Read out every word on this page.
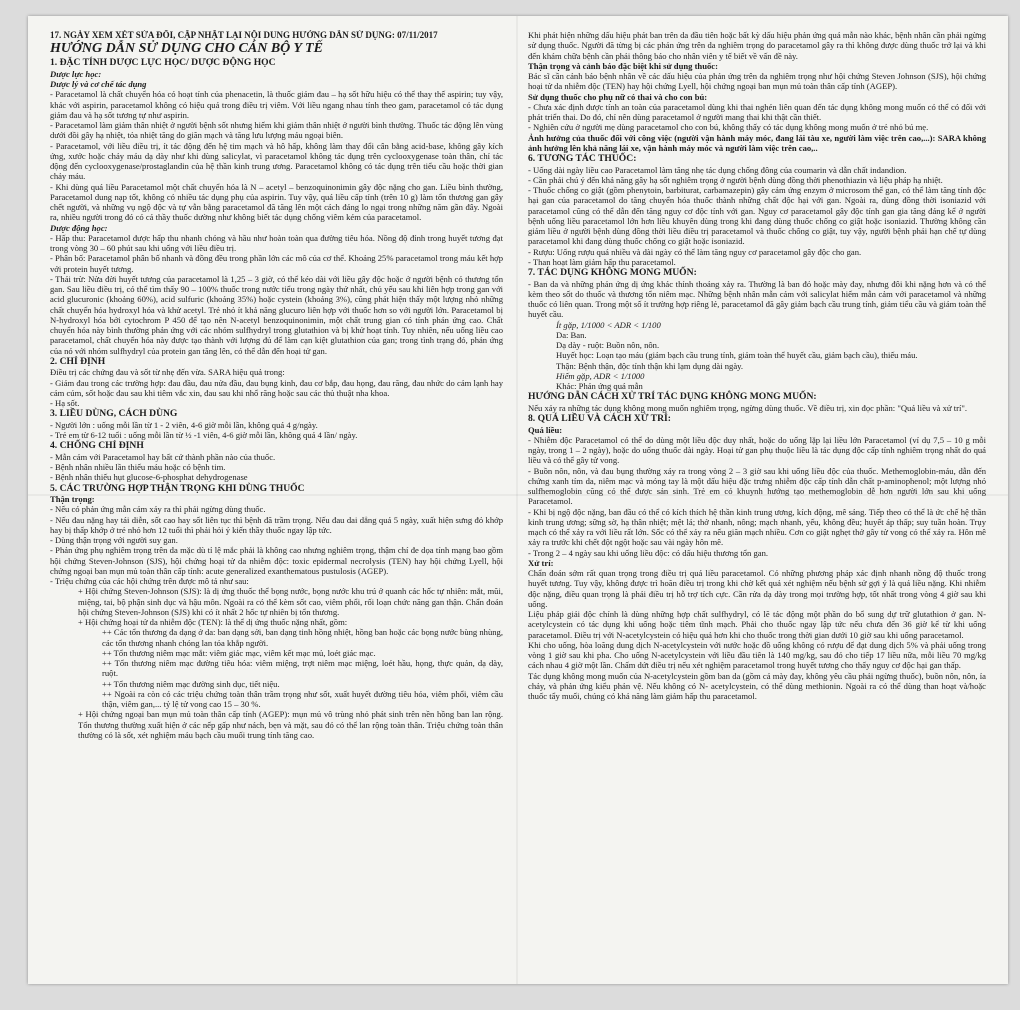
17. NGÀY XEM XÉT SỬA ĐỔI, CẬP NHẬT LẠI NỘI DUNG HƯỚNG DẪN SỬ DỤNG: 07/11/2017

HƯỚNG DẪN SỬ DỤNG CHO CÁN BỘ Y TẾ

1. ĐẶC TÍNH DƯỢC LỰC HỌC/ DƯỢC ĐỘNG HỌC

Dược lực học:

Dược lý và cơ chế tác dụng

- Paracetamol là chất chuyển hóa có hoạt tính của phenacetin, là thuốc giảm đau – hạ sốt hữu hiệu có thể thay thế aspirin; tuy vậy, khác với aspirin, paracetamol không có hiệu quả trong điều trị viêm. Với liều ngang nhau tính theo gam, paracetamol có tác dụng giảm đau và hạ sốt tương tự như aspirin.

- Paracetamol làm giảm thân nhiệt ở người bệnh sốt nhưng hiếm khi giảm thân nhiệt ở người bình thường. Thuốc tác động lên vùng dưới đồi gây hạ nhiệt, tỏa nhiệt tăng do giãn mạch và tăng lưu lượng máu ngoại biên.

- Paracetamol, với liều điều trị, ít tác động đến hệ tim mạch và hô hấp, không làm thay đổi cân bằng acid-base, không gây kích ứng, xước hoặc chảy máu dạ dày như khi dùng salicylat, vì paracetamol không tác dụng trên cyclooxygenase toàn thân, chỉ tác động đến cyclooxygenase/prostaglandin của hệ thần kinh trung ương. Paracetamol không có tác dụng trên tiểu cầu hoặc thời gian chảy máu.

- Khi dùng quá liều Paracetamol một chất chuyển hóa là N – acetyl – benzoquinonimin gây độc nặng cho gan. Liều bình thường, Paracetamol dung nạp tốt, không có nhiều tác dụng phụ của aspirin. Tuy vậy, quá liều cấp tính (trên 10 g) làm tổn thương gan gây chết người, và những vụ ngộ độc và tự vẫn bằng paracetamol đã tăng lên một cách đáng lo ngại trong những năm gần đây. Ngoài ra, nhiều người trong đó có cả thầy thuốc dường như không biết tác dụng chống viêm kém của paracetamol.

Dược động học:

- Hấp thu: Paracetamol được hấp thu nhanh chóng và hầu như hoàn toàn qua đường tiêu hóa. Nồng độ đỉnh trong huyết tương đạt trong vòng 30 – 60 phút sau khi uống với liều điều trị.

- Phân bố: Paracetamol phân bố nhanh và đồng đều trong phần lớn các mô của cơ thể. Khoảng 25% paracetamol trong máu kết hợp với protein huyết tương.

- Thải trừ: Nửa đời huyết tương của paracetamol là 1,25 – 3 giờ, có thể kéo dài với liều gây độc hoặc ở người bệnh có thương tổn gan. Sau liều điều trị, có thể tìm thấy 90 – 100% thuốc trong nước tiểu trong ngày thứ nhất, chủ yếu sau khi liên hợp trong gan với acid glucuronic (khoảng 60%), acid sulfuric (khoảng 35%) hoặc cystein (khoảng 3%), cũng phát hiện thấy một lượng nhỏ những chất chuyển hóa hydroxyl hóa và khử acetyl. Trẻ nhỏ ít khả năng glucuro liên hợp với thuốc hơn so với người lớn. Paracetamol bị N-hydroxyl hóa bởi cytochrom P 450 để tạo nên N-acetyl benzoquinonimin, một chất trung gian có tính phản ứng cao. Chất chuyển hóa này bình thường phản ứng với các nhóm sulfhydryl trong glutathion và bị khử hoạt tính. Tuy nhiên, nếu uống liều cao paracetamol, chất chuyển hóa này được tạo thành với lượng đủ để làm cạn kiệt glutathion của gan; trong tình trạng đó, phản ứng của nó với nhóm sulfhydryl của protein gan tăng lên, có thể dẫn đến hoại tử gan.

2. CHỈ ĐỊNH

Điều trị các chứng đau và sốt từ nhẹ đến vừa. SARA hiệu quả trong:

- Giảm đau trong các trường hợp: đau đầu, đau nửa đầu, đau bụng kinh, đau cơ bắp, đau họng, đau răng, đau nhức do cảm lạnh hay cảm cúm, sốt hoặc đau sau khi tiêm vắc xin, đau sau khi nhổ răng hoặc sau các thủ thuật nha khoa.

- Hạ sốt.

3. LIỀU DÙNG, CÁCH DÙNG

- Người lớn : uống mỗi lần từ 1 - 2 viên, 4-6 giờ mỗi lần, không quá 4 g/ngày.

- Trẻ em từ 6-12 tuổi : uống mỗi lần từ ½ -1 viên, 4-6 giờ mỗi lần, không quá 4 lần/ ngày.

4. CHỐNG CHỈ ĐỊNH

- Mẫn cảm với Paracetamol hay bất cứ thành phần nào của thuốc.

- Bệnh nhân nhiều lần thiếu máu hoặc có bệnh tim.

- Bệnh nhân thiếu hụt glucose-6-phosphat dehydrogenase

5. CÁC TRƯỜNG HỢP THẬN TRỌNG KHI DÙNG THUỐC

Thận trọng:

- Nếu có phản ứng mẫn cảm xảy ra thì phải ngừng dùng thuốc.

- Nếu đau nặng hay tái diễn, sốt cao hay sốt liên tục thì bệnh đã trầm trọng. Nếu đau dai dẳng quá 5 ngày, xuất hiện sưng đỏ khớp hay bị thấp khớp ở trẻ nhỏ hơn 12 tuổi thì phải hỏi ý kiến thầy thuốc ngay lập tức.

- Dùng thận trọng với người suy gan.

- Phản ứng phụ nghiêm trọng trên da mặc dù tỉ lệ mắc phải là không cao nhưng nghiêm trọng, thậm chí đe dọa tính mạng bao gồm hội chứng Steven-Johnson (SJS), hội chứng hoại tử da nhiễm độc: toxic epidermal necrolysis (TEN) hay hội chứng Lyell, hội chứng ngoại ban mụn mủ toàn thân cấp tính: acute generalized exanthematous pustulosis (AGEP).

- Triệu chứng của các hội chứng trên được mô tả như sau:

+ Hội chứng Steven-Johnson (SJS): là dị ứng thuốc thể bọng nước, bọng nước khu trú ở quanh các hốc tự nhiên: mắt, mũi, miệng, tai, bộ phận sinh dục và hậu môn. Ngoài ra có thể kèm sốt cao, viêm phổi, rối loạn chức năng gan thận. Chẩn đoán hội chứng Steven-Johnson (SJS) khi có ít nhất 2 hốc tự nhiên bị tổn thương.

+ Hội chứng hoại tử da nhiễm độc (TEN): là thể dị ứng thuốc nặng nhất, gồm:

++ Các tổn thương đa dạng ở da: ban dạng sởi, ban dạng tinh hồng nhiệt, hồng ban hoặc các bọng nước bùng nhùng, các tổn thương nhanh chóng lan tỏa khắp người.

++ Tổn thương niêm mạc mắt: viêm giác mạc, viêm kết mạc mủ, loét giác mạc.

++ Tổn thương niêm mạc đường tiêu hóa: viêm miệng, trợt niêm mạc miệng, loét hầu, họng, thực quản, dạ dày, ruột.

++ Tổn thương niêm mạc đường sinh dục, tiết niệu.

++ Ngoài ra còn có các triệu chứng toàn thân trầm trọng như sốt, xuất huyết đường tiêu hóa, viêm phổi, viêm cầu thận, viêm gan,... tỷ lệ tử vong cao 15 – 30 %.

+ Hội chứng ngoại ban mụn mủ toàn thân cấp tính (AGEP): mụn mủ vô trùng nhỏ phát sinh trên nền hồng ban lan rộng. Tổn thương thường xuất hiện ở các nếp gấp như nách, bẹn và mặt, sau đó có thể lan rộng toàn thân. Triệu chứng toàn thân thường có là sốt, xét nghiệm máu bạch cầu muối trung tính tăng cao.

Khi phát hiện những dấu hiệu phát ban trên da đầu tiên hoặc bất kỳ dấu hiệu phản ứng quá mẫn nào khác, bệnh nhân cần phải ngừng sử dụng thuốc. Người đã từng bị các phản ứng trên da nghiêm trọng do paracetamol gây ra thì không được dùng thuốc trở lại và khi đến khám chữa bệnh cần phải thông báo cho nhân viên y tế biết về vấn đề này.

Thận trọng và cảnh báo đặc biệt khi sử dụng thuốc:

Bác sĩ cần cảnh báo bệnh nhân về các dấu hiệu của phản ứng trên da nghiêm trọng như hội chứng Steven Johnson (SJS), hội chứng hoại tử da nhiễm độc (TEN) hay hội chứng Lyell, hội chứng ngoại ban mụn mủ toàn thân cấp tính (AGEP).

Sử dụng thuốc cho phụ nữ có thai và cho con bú:

- Chưa xác định được tính an toàn của paracetamol dùng khi thai nghén liên quan đến tác dụng không mong muốn có thể có đối với phát triển thai. Do đó, chỉ nên dùng paracetamol ở người mang thai khi thật cần thiết.

- Nghiên cứu ở người mẹ dùng paracetamol cho con bú, không thấy có tác dụng không mong muốn ở trẻ nhỏ bú mẹ.

Ảnh hưởng của thuốc đối với công việc (người vận hành máy móc, đang lái tàu xe, người làm việc trên cao,...): SARA không ảnh hưởng lên khả năng lái xe, vận hành máy móc và người làm việc trên cao,..

6. TƯƠNG TÁC THUỐC:

- Uống dài ngày liều cao Paracetamol làm tăng nhẹ tác dụng chống đông của coumarin và dẫn chất indandion.

- Cần phải chú ý đến khả năng gây hạ sốt nghiêm trọng ở người bệnh dùng đồng thời phenothiazin và liệu pháp hạ nhiệt.

- Thuốc chống co giật (gồm phenytoin, barbiturat, carbamazepin) gây cảm ứng enzym ở microsom thể gan, có thể làm tăng tính độc hại gan của paracetamol do tăng chuyển hóa thuốc thành những chất độc hại với gan. Ngoài ra, dùng đồng thời isoniazid với paracetamol cũng có thể dẫn đến tăng nguy cơ độc tính với gan. Nguy cơ paracetamol gây độc tính gan gia tăng đáng kể ở người bệnh uống liều paracetamol lớn hơn liều khuyên dùng trong khi đang dùng thuốc chống co giật hoặc isoniazid. Thường không cần giảm liều ở người bệnh dùng đồng thời liều điều trị paracetamol và thuốc chống co giật, tuy vậy, người bệnh phải hạn chế tự dùng paracetamol khi đang dùng thuốc chống co giật hoặc isoniazid.

- Rượu: Uống rượu quá nhiều và dài ngày có thể làm tăng nguy cơ paracetamol gây độc cho gan.

- Than hoạt làm giảm hấp thu paracetamol.

7. TÁC DỤNG KHÔNG MONG MUỐN:

- Ban da và những phản ứng dị ứng khác thỉnh thoảng xảy ra. Thường là ban đỏ hoặc mày đay, nhưng đôi khi nặng hơn và có thể kèm theo sốt do thuốc và thương tổn niêm mạc. Những bệnh nhân mẫn cảm với salicylat hiếm mẫn cảm với paracetamol và những thuốc có liên quan. Trong một số ít trường hợp riêng lẻ, paracetamol đã gây giảm bạch cầu trung tính, giảm tiểu cầu và giảm toàn thể huyết cầu.

Ít gặp, 1/1000 < ADR < 1/100

Da: Ban.

Dạ dày - ruột: Buồn nôn, nôn.

Huyết học: Loạn tạo máu (giảm bạch cầu trung tính, giảm toàn thể huyết cầu, giảm bạch cầu), thiếu máu.

Thận: Bệnh thận, độc tính thận khi lạm dụng dài ngày.

Hiếm gặp, ADR < 1/1000

Khác: Phản ứng quá mẫn

HƯỚNG DẪN CÁCH XỬ TRÍ TÁC DỤNG KHÔNG MONG MUỐN:

Nếu xảy ra những tác dụng không mong muốn nghiêm trọng, ngừng dùng thuốc. Về điều trị, xin đọc phần: "Quá liều và xử trí".

8. QUÁ LIỀU VÀ CÁCH XỬ TRÍ:

Quá liều:

- Nhiễm độc Paracetamol có thể do dùng một liều độc duy nhất, hoặc do uống lặp lại liều lớn Paracetamol (ví dụ 7,5 – 10 g mỗi ngày, trong 1 – 2 ngày), hoặc do uống thuốc dài ngày. Hoại tử gan phụ thuộc liều là tác dụng độc cấp tính nghiêm trọng nhất do quá liều và có thể gây tử vong.

- Buồn nôn, nôn, và đau bụng thường xảy ra trong vòng 2 – 3 giờ sau khi uống liều độc của thuốc. Methemoglobin-máu, dẫn đến chứng xanh tím da, niêm mạc và móng tay là một dấu hiệu đặc trưng nhiễm độc cấp tính dẫn chất p-aminophenol; một lượng nhỏ sulfhemoglobin cũng có thể được sản sinh. Trẻ em có khuynh hướng tạo methemoglobin dễ hơn người lớn sau khi uống Paracetamol.

- Khi bị ngộ độc nặng, ban đầu có thể có kích thích hệ thần kinh trung ương, kích động, mê sảng. Tiếp theo có thể là ức chế hệ thần kinh trung ương; sững sờ, hạ thân nhiệt; mệt lả; thở nhanh, nông; mạch nhanh, yếu, không đều; huyết áp thấp; suy tuần hoàn. Trụy mạch có thể xảy ra với liều rất lớn. Sốc có thể xảy ra nếu giãn mạch nhiều. Cơn co giật nghẹt thở gây tử vong có thể xảy ra. Hôn mê xảy ra trước khi chết đột ngột hoặc sau vài ngày hôn mê.

- Trong 2 – 4 ngày sau khi uống liều độc: có dấu hiệu thương tổn gan.

Xử trí:

Chẩn đoán sớm rất quan trọng trong điều trị quá liều paracetamol. Có những phương pháp xác định nhanh nồng độ thuốc trong huyết tương. Tuy vậy, không được trì hoãn điều trị trong khi chờ kết quả xét nghiệm nếu bệnh sử gợi ý là quá liều nặng. Khi nhiễm độc nặng, điều quan trọng là phải điều trị hỗ trợ tích cực. Cần rửa dạ dày trong mọi trường hợp, tốt nhất trong vòng 4 giờ sau khi uống.

Liệu pháp giải độc chính là dùng những hợp chất sulfhydryl, có lẽ tác động một phần do bổ sung dự trữ glutathion ở gan. N-acetylcystein có tác dụng khi uống hoặc tiêm tĩnh mạch. Phải cho thuốc ngay lập tức nếu chưa đến 36 giờ kể từ khi uống paracetamol. Điều trị với N-acetylcystein có hiệu quả hơn khi cho thuốc trong thời gian dưới 10 giờ sau khi uống paracetamol.

Khi cho uống, hòa loãng dung dịch N-acetylcystein với nước hoặc đồ uống không có rượu để đạt dung dịch 5% và phải uống trong vòng 1 giờ sau khi pha. Cho uống N-acetylcystein với liều đầu tiên là 140 mg/kg, sau đó cho tiếp 17 liều nữa, mỗi liều 70 mg/kg cách nhau 4 giờ một lần. Chấm dứt điều trị nếu xét nghiệm paracetamol trong huyết tương cho thấy nguy cơ độc hại gan thấp.

Tác dụng không mong muốn của N-acetylcystein gồm ban da (gồm cả mày đay, không yêu cầu phải ngừng thuốc), buồn nôn, nôn, ỉa chảy, và phản ứng kiểu phản vệ. Nếu không có N- acetylcystein, có thể dùng methionin. Ngoài ra có thể dùng than hoạt và/hoặc thuốc tẩy muối, chúng có khả năng làm giảm hấp thu paracetamol.
